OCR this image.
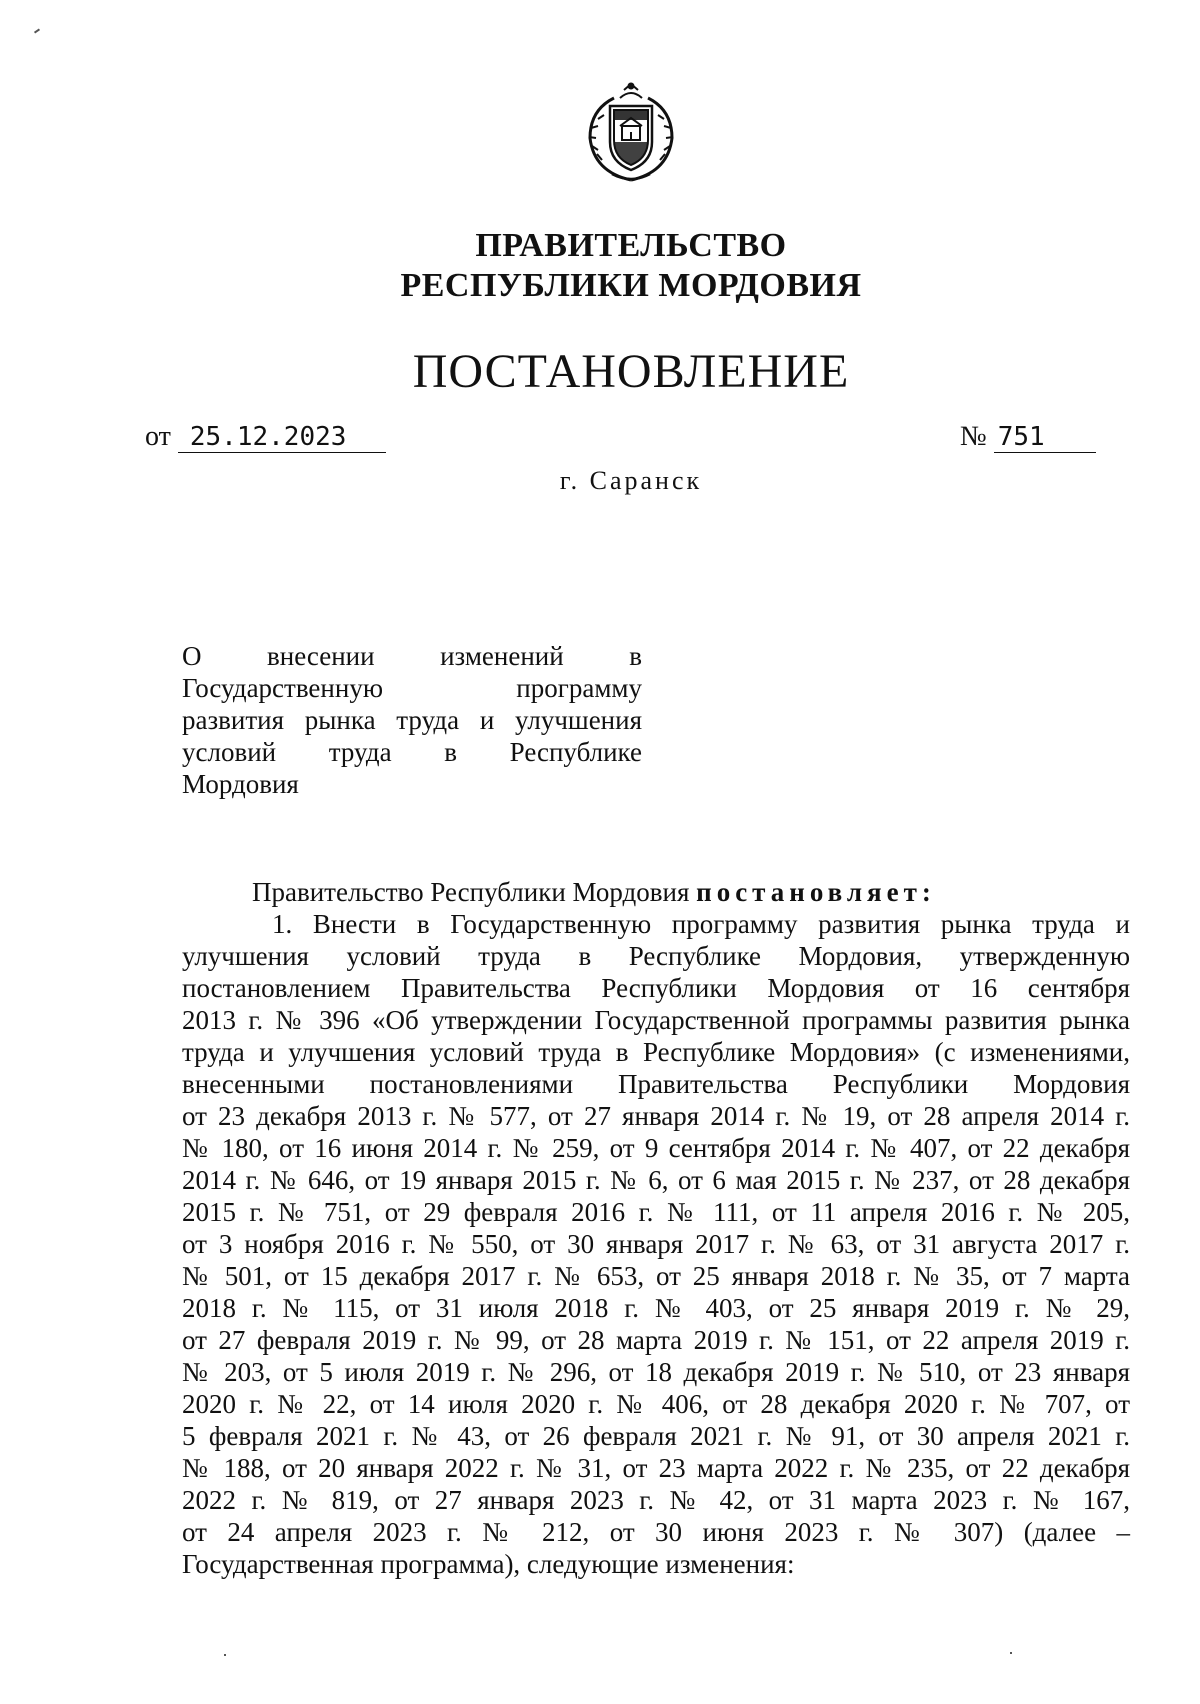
ПРАВИТЕЛЬСТВО
РЕСПУБЛИКИ МОРДОВИЯ
ПОСТАНОВЛЕНИЕ
от 25.12.2023	№ 751
г. Саранск
О внесении изменений в
Государственную программу
развития рынка труда и улучшения
условий труда в Республике
Мордовия
Правительство Республики Мордовия постановляет:
1. Внести в Государственную программу развития рынка труда и
улучшения условий труда в Республике Мордовия, утвержденную
постановлением Правительства Республики Мордовия от 16 сентября
2013 г. № 396 «Об утверждении Государственной программы развития рынка
труда и улучшения условий труда в Республике Мордовия» (с изменениями,
внесенными постановлениями Правительства Республики Мордовия
от 23 декабря 2013 г. № 577, от 27 января 2014 г. № 19, от 28 апреля 2014 г.
№ 180, от 16 июня 2014 г. № 259, от 9 сентября 2014 г. № 407, от 22 декабря
2014 г. № 646, от 19 января 2015 г. № 6, от 6 мая 2015 г. № 237, от 28 декабря
2015 г. № 751, от 29 февраля 2016 г. № 111, от 11 апреля 2016 г. № 205,
от 3 ноября 2016 г. № 550, от 30 января 2017 г. № 63, от 31 августа 2017 г.
№ 501, от 15 декабря 2017 г. № 653, от 25 января 2018 г. № 35, от 7 марта
2018 г. № 115, от 31 июля 2018 г. № 403, от 25 января 2019 г. № 29,
от 27 февраля 2019 г. № 99, от 28 марта 2019 г. № 151, от 22 апреля 2019 г.
№ 203, от 5 июля 2019 г. № 296, от 18 декабря 2019 г. № 510, от 23 января
2020 г. № 22, от 14 июля 2020 г. № 406, от 28 декабря 2020 г. № 707, от
5 февраля 2021 г. № 43, от 26 февраля 2021 г. № 91, от 30 апреля 2021 г.
№ 188, от 20 января 2022 г. № 31, от 23 марта 2022 г. № 235, от 22 декабря
2022 г. № 819, от 27 января 2023 г. № 42, от 31 марта 2023 г. № 167,
от 24 апреля 2023 г. № 212, от 30 июня 2023 г. № 307) (далее –
Государственная программа), следующие изменения:
